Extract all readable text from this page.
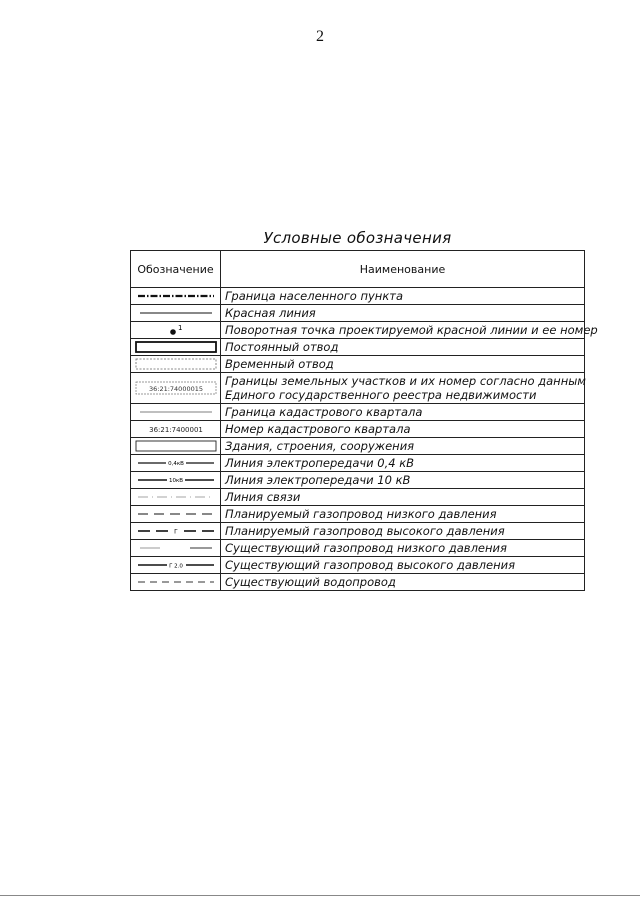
2
Условные обозначения
Обозначение	Наименование

	Граница населенного пункта

	Красная линия

1	Поворотная точка проектируемой красной линии и ее номер

	Постоянный отвод

	Временный отвод

36:21:74000015	Границы земельных участков и их номер согласно данным
Единого государственного реестра недвижимости

	Граница кадастрового квартала

36:21:7400001	Номер кадастрового квартала

	Здания, строения, сооружения

0,4кВ	Линия электропередачи 0,4 кВ

10кВ	Линия электропередачи 10 кВ

	Линия связи

	Планируемый газопровод низкого давления

Г	Планируемый газопровод высокого давления

	Существующий газопровод низкого давления

Г 2.0	Существующий газопровод высокого давления

	Существующий водопровод
